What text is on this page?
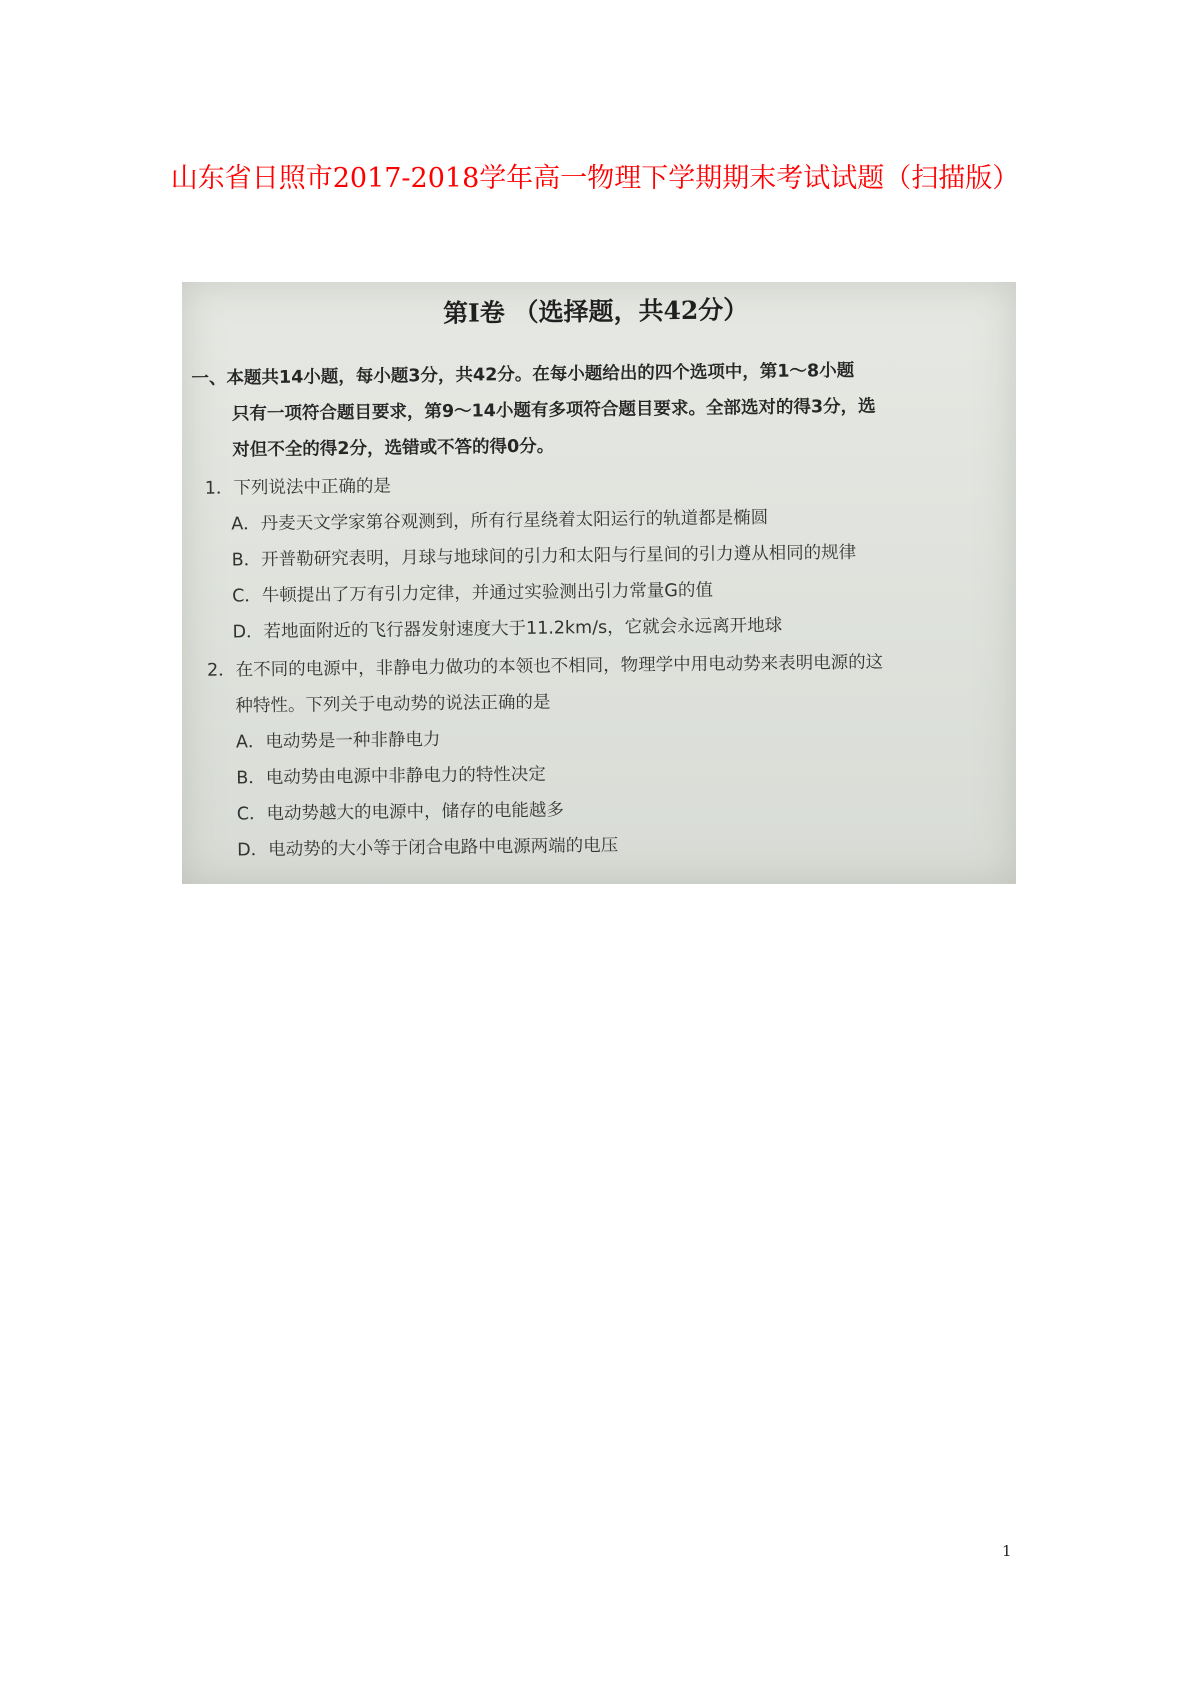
山东省日照市2017-2018学年高一物理下学期期末考试试题（扫描版）
第I卷 （选择题，共42分）
一、本题共14小题，每小题3分，共42分。在每小题给出的四个选项中，第1～8小题
只有一项符合题目要求，第9～14小题有多项符合题目要求。全部选对的得3分，选
对但不全的得2分，选错或不答的得0分。
1．下列说法中正确的是
A．丹麦天文学家第谷观测到，所有行星绕着太阳运行的轨道都是椭圆
B．开普勒研究表明，月球与地球间的引力和太阳与行星间的引力遵从相同的规律
C．牛顿提出了万有引力定律，并通过实验测出引力常量G的值
D．若地面附近的飞行器发射速度大于11.2km/s，它就会永远离开地球
2．在不同的电源中，非静电力做功的本领也不相同，物理学中用电动势来表明电源的这
种特性。下列关于电动势的说法正确的是
A．电动势是一种非静电力
B．电动势由电源中非静电力的特性决定
C．电动势越大的电源中，储存的电能越多
D．电动势的大小等于闭合电路中电源两端的电压
1
